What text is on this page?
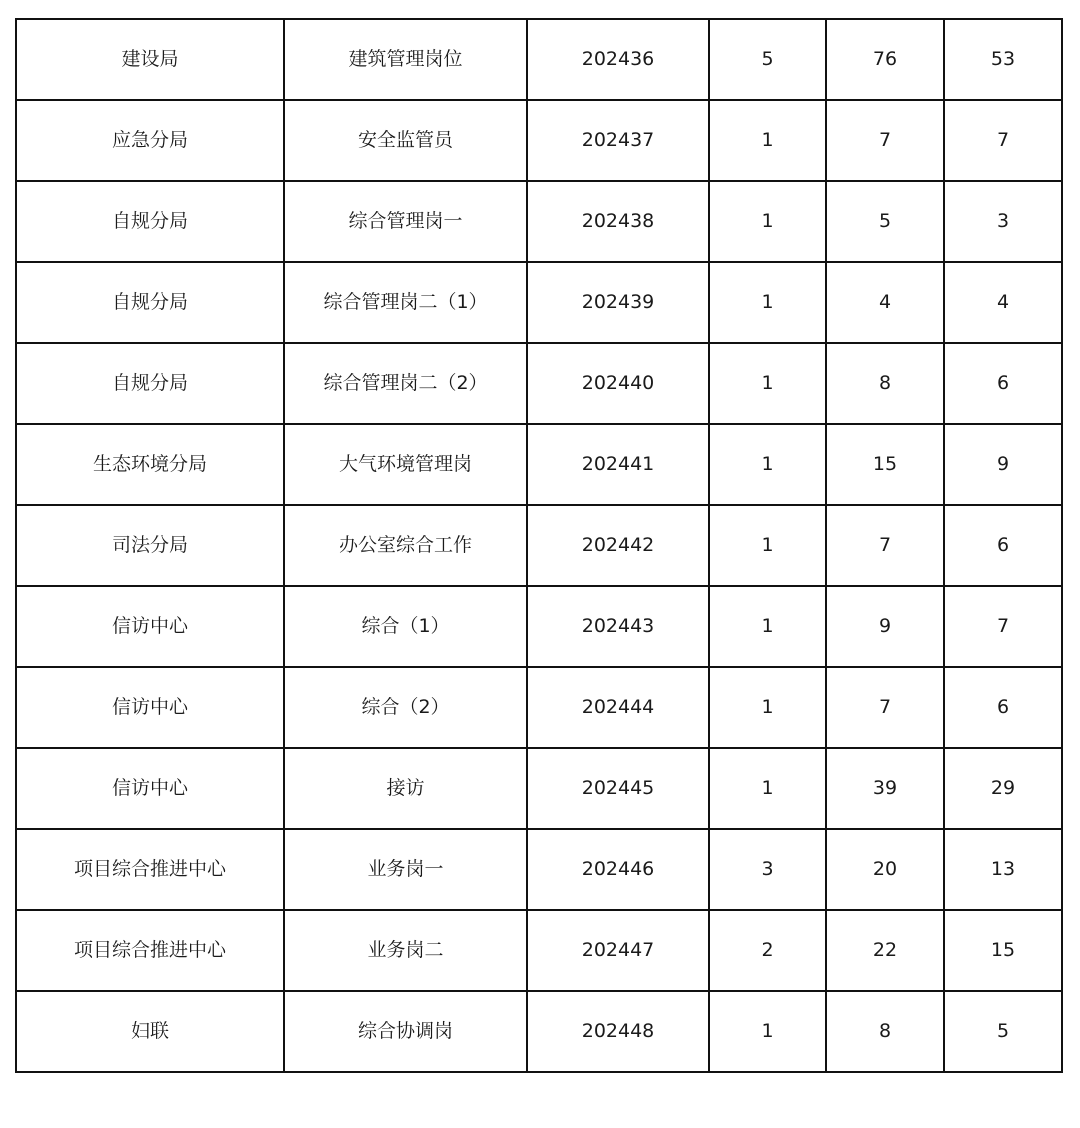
建设局	建筑管理岗位	202436	5	76	53
应急分局	安全监管员	202437	1	7	7
自规分局	综合管理岗一	202438	1	5	3
自规分局	综合管理岗二（1）	202439	1	4	4
自规分局	综合管理岗二（2）	202440	1	8	6
生态环境分局	大气环境管理岗	202441	1	15	9
司法分局	办公室综合工作	202442	1	7	6
信访中心	综合（1）	202443	1	9	7
信访中心	综合（2）	202444	1	7	6
信访中心	接访	202445	1	39	29
项目综合推进中心	业务岗一	202446	3	20	13
项目综合推进中心	业务岗二	202447	2	22	15
妇联	综合协调岗	202448	1	8	5
